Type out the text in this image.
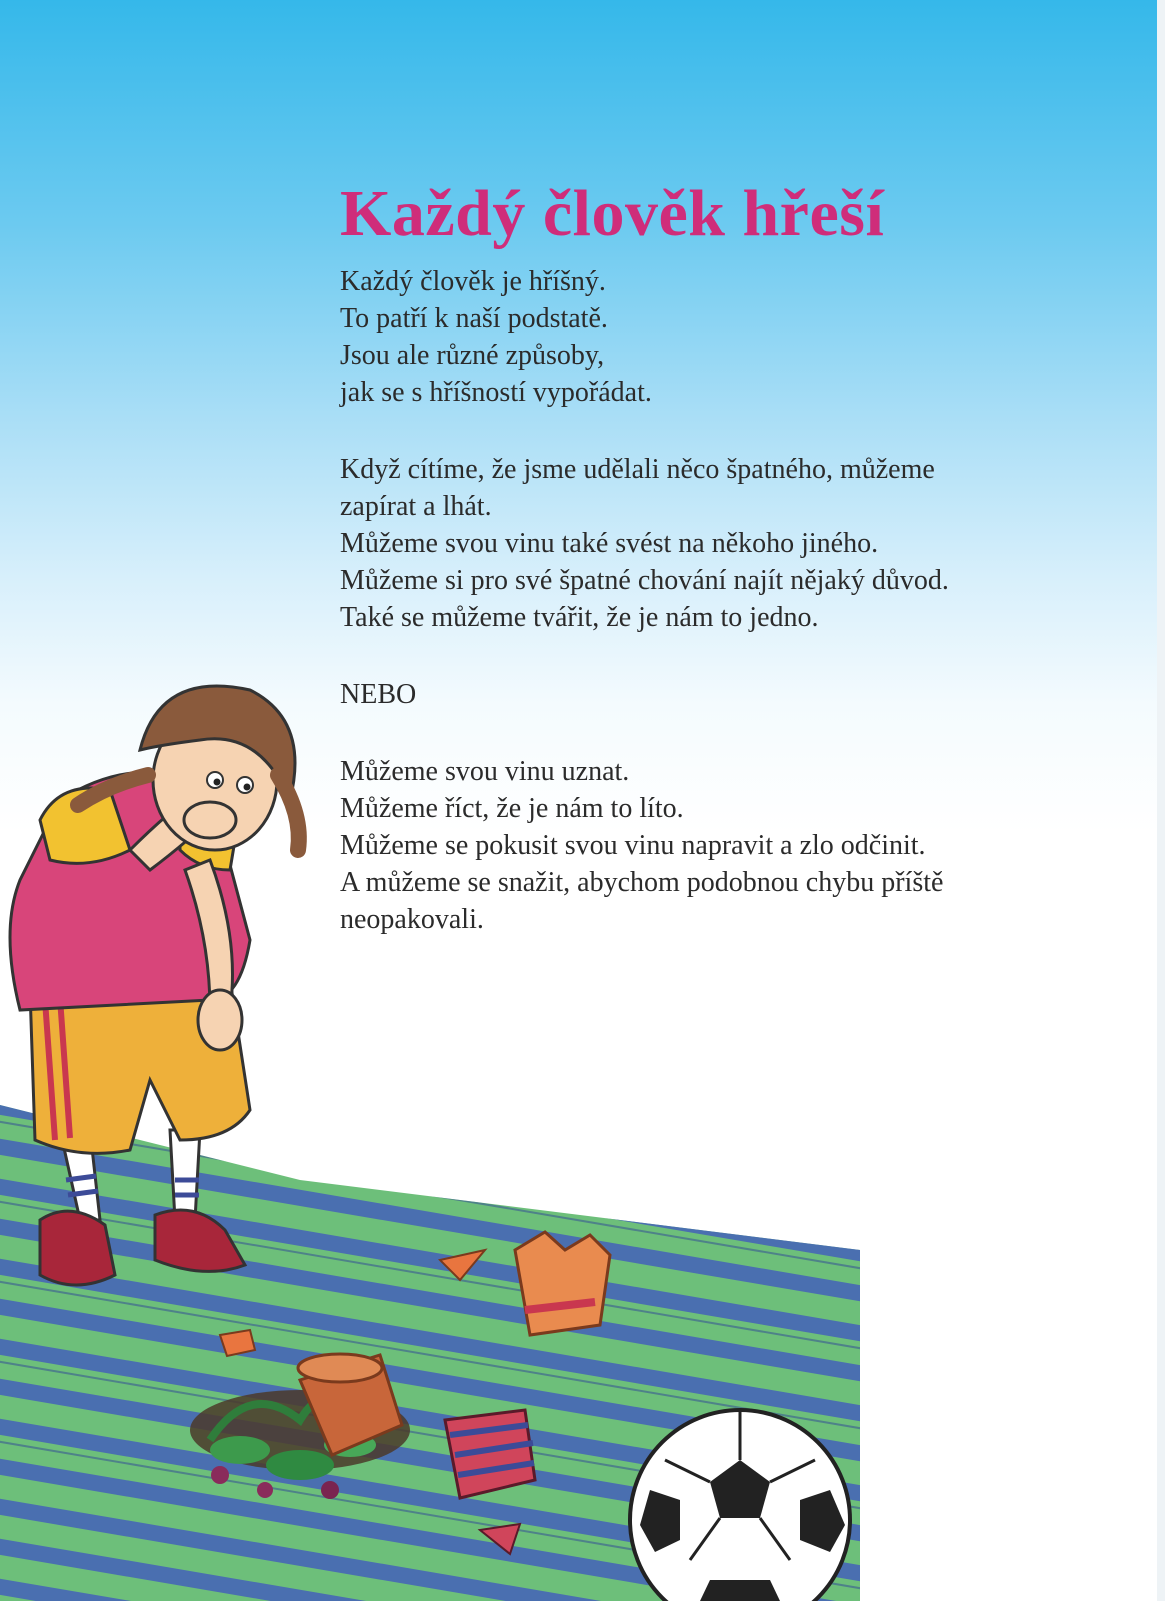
Každý člověk hřeší

Každý člověk je hříšný.
To patří k naší podstatě.
Jsou ale různé způsoby,
jak se s hříšností vypořádat.

Když cítíme, že jsme udělali něco špatného, můžeme
zapírat a lhát.
Můžeme svou vinu také svést na někoho jiného.
Můžeme si pro své špatné chování najít nějaký důvod.
Také se můžeme tvářit, že je nám to jedno.

NEBO

Můžeme svou vinu uznat.
Můžeme říct, že je nám to líto.
Můžeme se pokusit svou vinu napravit a zlo odčinit.
A můžeme se snažit, abychom podobnou chybu příště
neopakovali.
